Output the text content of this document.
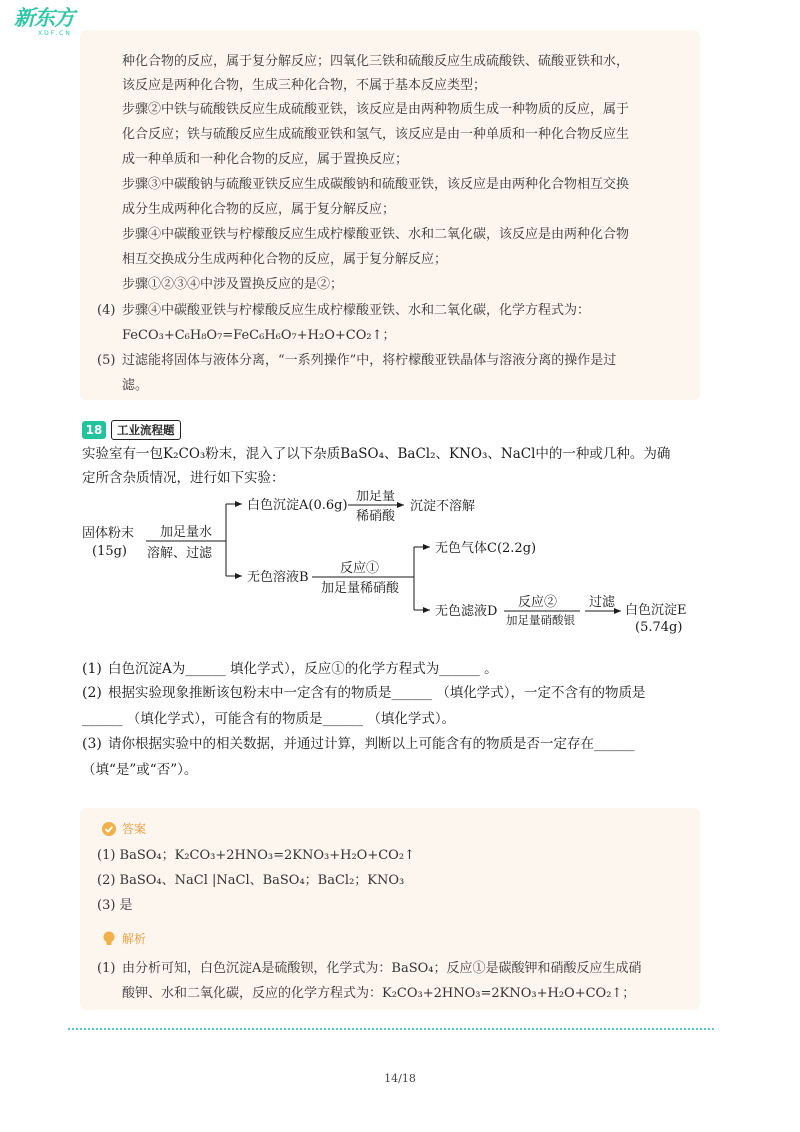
新东方
XDF.CN
种化合物的反应，属于复分解反应；四氧化三铁和硫酸反应生成硫酸铁、硫酸亚铁和水，
该反应是两种化合物，生成三种化合物，不属于基本反应类型；
步骤②中铁与硫酸铁反应生成硫酸亚铁，该反应是由两种物质生成一种物质的反应，属于
化合反应；铁与硫酸反应生成硫酸亚铁和氢气，该反应是由一种单质和一种化合物反应生
成一种单质和一种化合物的反应，属于置换反应；
步骤③中碳酸钠与硫酸亚铁反应生成碳酸钠和硫酸亚铁，该反应是由两种化合物相互交换
成分生成两种化合物的反应，属于复分解反应；
步骤④中碳酸亚铁与柠檬酸反应生成柠檬酸亚铁、水和二氧化碳，该反应是由两种化合物
相互交换成分生成两种化合物的反应，属于复分解反应；
步骤①②③④中涉及置换反应的是②；
(4) 步骤④中碳酸亚铁与柠檬酸反应生成柠檬酸亚铁、水和二氧化碳，化学方程式为：
FeCO₃+C₆H₈O₇=FeC₆H₆O₇+H₂O+CO₂↑；
(5) 过滤能将固体与液体分离，“一系列操作”中，将柠檬酸亚铁晶体与溶液分离的操作是过
滤。
18	工业流程题
实验室有一包K₂CO₃粉末，混入了以下杂质BaSO₄、BaCl₂、KNO₃、NaCl中的一种或几种。为确
定所含杂质情况，进行如下实验：
固体粉末
(15g)
加足量水
溶解、过滤
白色沉淀A(0.6g)
加足量
稀硝酸
沉淀不溶解
无色溶液B
反应①
加足量稀硝酸
无色气体C(2.2g)
无色滤液D
反应②
加足量硝酸银
过滤
白色沉淀E
(5.74g)
(1) 白色沉淀A为______ 填化学式），反应①的化学方程式为______ 。
(2) 根据实验现象推断该包粉末中一定含有的物质是______ （填化学式），一定不含有的物质是
______ （填化学式），可能含有的物质是______ （填化学式）。
(3) 请你根据实验中的相关数据，并通过计算，判断以上可能含有的物质是否一定存在______
（填“是”或“否”）。
答案
(1) BaSO₄；K₂CO₃+2HNO₃=2KNO₃+H₂O+CO₂↑
(2) BaSO₄、NaCl |NaCl、BaSO₄；BaCl₂；KNO₃
(3) 是
解析
(1) 由分析可知，白色沉淀A是硫酸钡，化学式为：BaSO₄；反应①是碳酸钾和硝酸反应生成硝
酸钾、水和二氧化碳，反应的化学方程式为：K₂CO₃+2HNO₃=2KNO₃+H₂O+CO₂↑；
14/18
